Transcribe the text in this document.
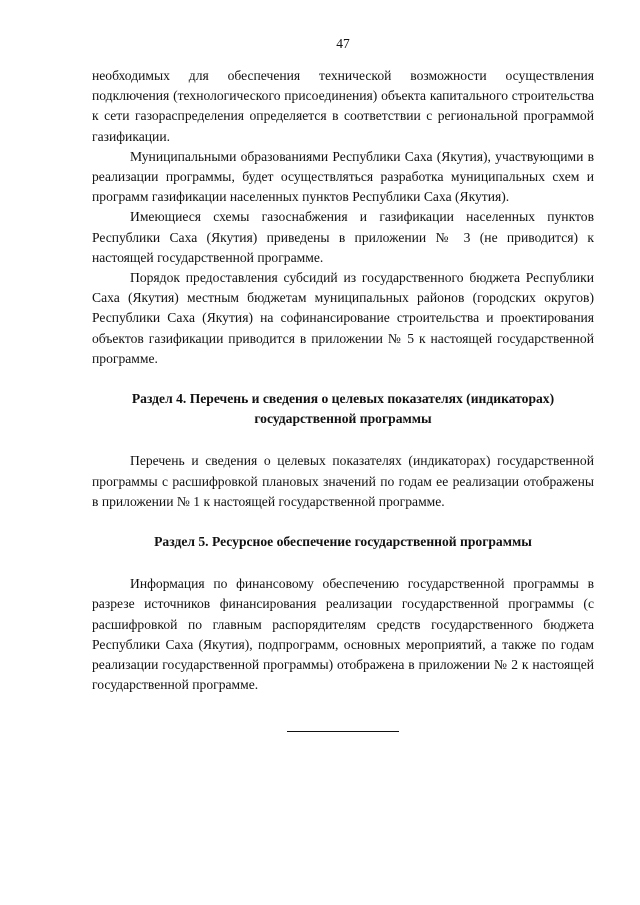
47

необходимых для обеспечения технической возможности осуществления подключения (технологического присоединения) объекта капитального строительства к сети газораспределения определяется в соответствии с региональной программой газификации.

Муниципальными образованиями Республики Саха (Якутия), участвующими в реализации программы, будет осуществляться разработка муниципальных схем и программ газификации населенных пунктов Республики Саха (Якутия).

Имеющиеся схемы газоснабжения и газификации населенных пунктов Республики Саха (Якутия) приведены в приложении № 3 (не приводится) к настоящей государственной программе.

Порядок предоставления субсидий из государственного бюджета Республики Саха (Якутия) местным бюджетам муниципальных районов (городских округов) Республики Саха (Якутия) на софинансирование строительства и проектирования объектов газификации приводится в приложении № 5 к настоящей государственной программе.

Раздел 4. Перечень и сведения о целевых показателях (индикаторах)

государственной программы

Перечень и сведения о целевых показателях (индикаторах) государственной программы с расшифровкой плановых значений по годам ее реализации отображены в приложении № 1 к настоящей государственной программе.

Раздел 5. Ресурсное обеспечение государственной программы

Информация по финансовому обеспечению государственной программы в разрезе источников финансирования реализации государственной программы (с расшифровкой по главным распорядителям средств государственного бюджета Республики Саха (Якутия), подпрограмм, основных мероприятий, а также по годам реализации государственной программы) отображена в приложении № 2 к настоящей государственной программе.
